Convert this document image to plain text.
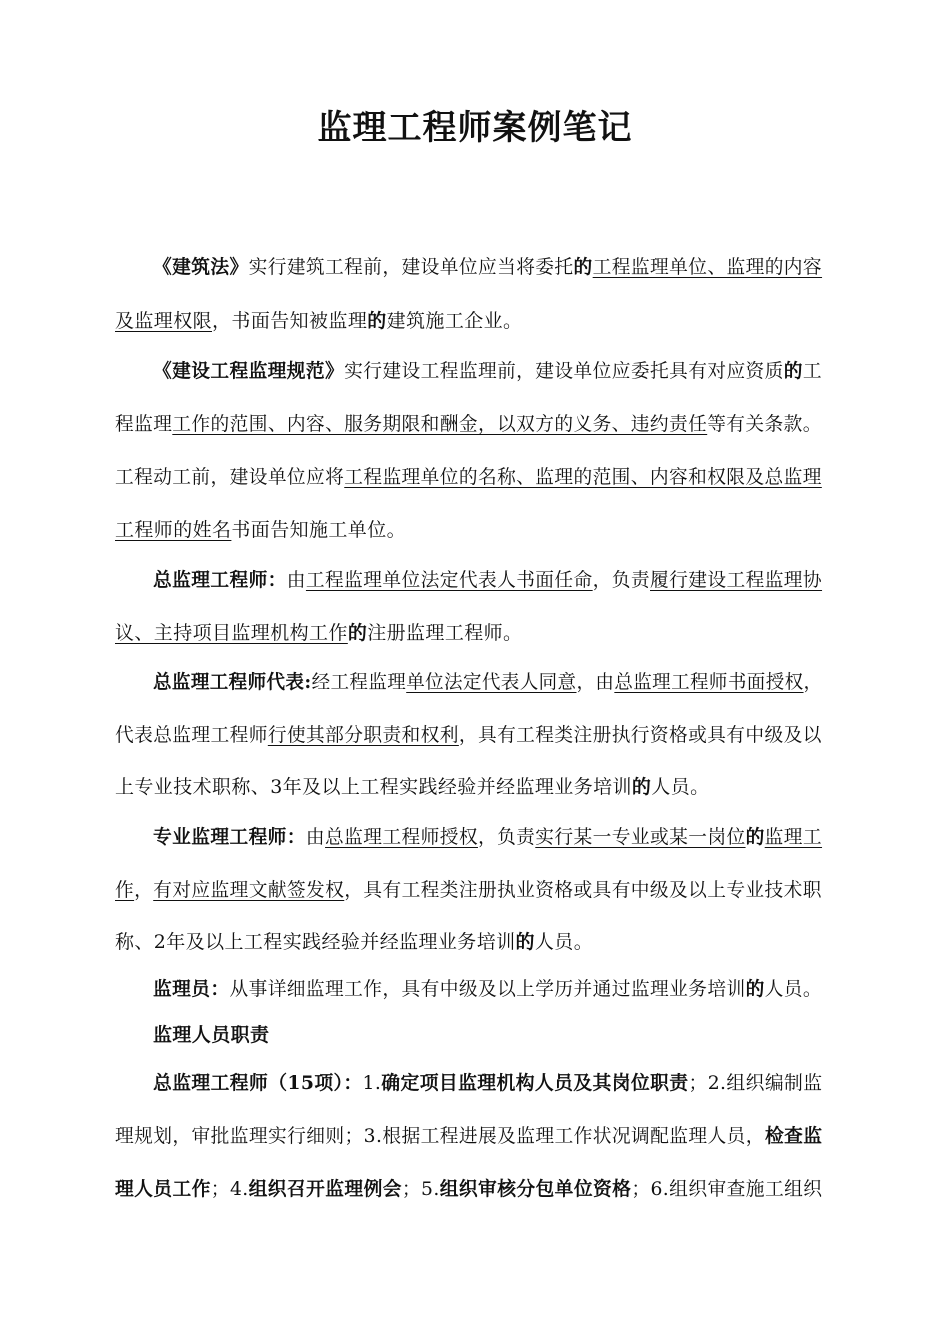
监理工程师案例笔记
《建筑法》实行建筑工程前，建设单位应当将委托的工程监理单位、监理的内容
及监理权限，书面告知被监理的建筑施工企业。
《建设工程监理规范》实行建设工程监理前，建设单位应委托具有对应资质的工
程监理工作的范围、内容、服务期限和酬金，以双方的义务、违约责任等有关条款。
工程动工前，建设单位应将工程监理单位的名称、监理的范围、内容和权限及总监理
工程师的姓名书面告知施工单位。
总监理工程师：由工程监理单位法定代表人书面任命，负责履行建设工程监理协
议、主持项目监理机构工作的注册监理工程师。
总监理工程师代表:经工程监理单位法定代表人同意，由总监理工程师书面授权，
代表总监理工程师行使其部分职责和权利，具有工程类注册执行资格或具有中级及以
上专业技术职称、3年及以上工程实践经验并经监理业务培训的人员。
专业监理工程师：由总监理工程师授权，负责实行某一专业或某一岗位的监理工
作，有对应监理文献签发权，具有工程类注册执业资格或具有中级及以上专业技术职
称、2年及以上工程实践经验并经监理业务培训的人员。
监理员：从事详细监理工作，具有中级及以上学历并通过监理业务培训的人员。
监理人员职责
总监理工程师（15项）：1.确定项目监理机构人员及其岗位职责；2.组织编制监
理规划，审批监理实行细则；3.根据工程进展及监理工作状况调配监理人员，检查监
理人员工作；4.组织召开监理例会；5.组织审核分包单位资格；6.组织审查施工组织
